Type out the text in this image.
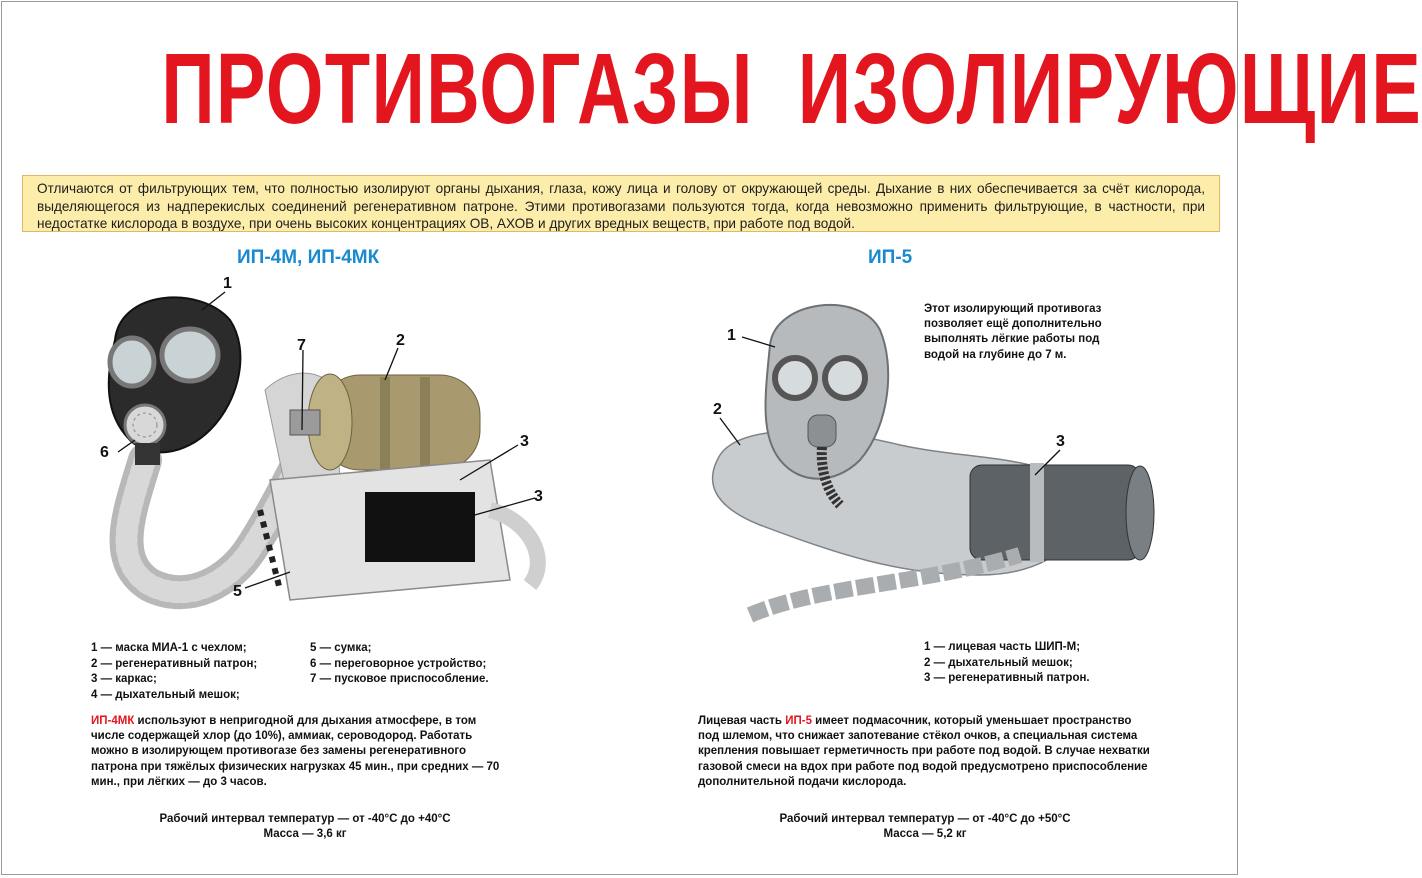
ПРОТИВОГАЗЫ  ИЗОЛИРУЮЩИЕ
Отличаются от фильтрующих тем, что полностью изолируют органы дыхания, глаза, кожу лица и голову от окружающей среды. Дыхание в них обеспечивается за счёт кислорода, выделяющегося из надперекислых соединений регенеративном патроне. Этими противогазами пользуются тогда, когда невозможно применить фильтрующие, в частности, при недостатке кислорода в воздухе, при очень высоких концентрациях ОВ, АХОВ и других вредных веществ, при работе под водой.
ИП-4М, ИП-4МК
1
7	2
6
3
3
5
1 — маска МИА-1 с чехлом;
2 — регенеративный патрон;
3 — каркас;
4 — дыхательный мешок;
5 — сумка;
6 — переговорное устройство;
7 — пусковое приспособление.
ИП-4МК используют в непригодной для дыхания атмосфере, в том числе содержащей хлор (до 10%), аммиак, сероводород. Работать можно в изолирующем противогазе без замены регенеративного патрона при тяжёлых физических нагрузках 45 мин., при средних — 70 мин., при лёгких — до 3 часов.
Рабочий интервал температур — от -40°С до +40°С
Масса — 3,6 кг
ИП-5
Этот изолирующий противогаз позволяет ещё дополнительно выполнять лёгкие работы под водой на глубине до 7 м.
1
2
3
1 — лицевая часть ШИП-М;
2 — дыхательный мешок;
3 — регенеративный патрон.
Лицевая часть ИП-5 имеет подмасочник, который уменьшает пространство под шлемом, что снижает запотевание стёкол очков, а специальная система крепления повышает герметичность при работе под водой. В случае нехватки газовой смеси на вдох при работе под водой предусмотрено приспособление дополнительной подачи кислорода.
Рабочий интервал температур — от -40°С до +50°С
Масса — 5,2 кг
